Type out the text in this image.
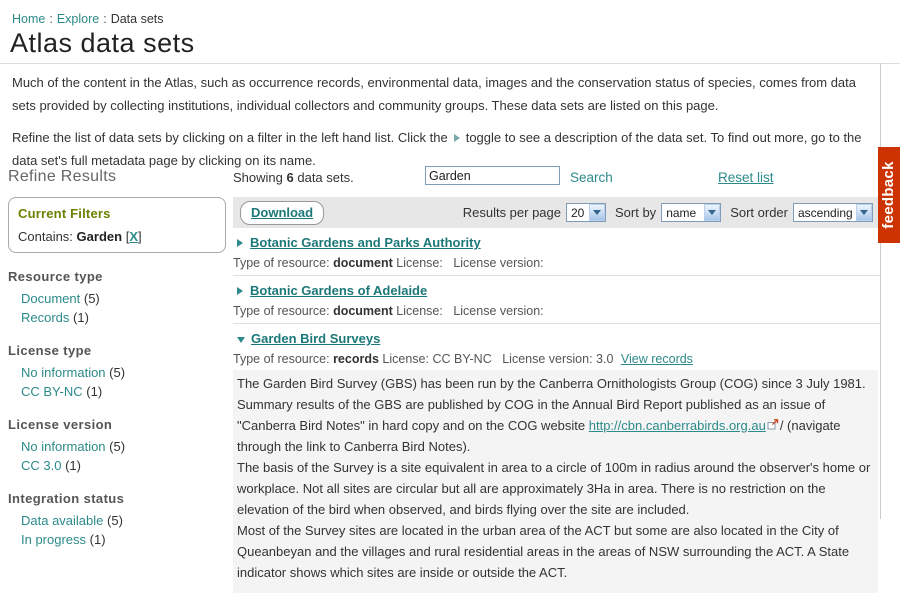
Home : Explore : Data sets
Atlas data sets

Much of the content in the Atlas, such as occurrence records, environmental data, images and the conservation status of species, comes from data sets provided by collecting institutions, individual collectors and community groups. These data sets are listed on this page.

Refine the list of data sets by clicking on a filter in the left hand list. Click the toggle to see a description of the data set. To find out more, go to the data set's full metadata page by clicking on its name.

Refine Results
Current Filters
Contains: Garden [X]
Resource type
Document (5)
Records (1)
License type
No information (5)
CC BY-NC (1)
License version
No information (5)
CC 3.0 (1)
Integration status
Data available (5)
In progress (1)
Showing 6 data sets.
Garden	Search	Reset list
Download	Results per page 20	Sort by name	Sort order ascending
Botanic Gardens and Parks Authority
Type of resource: document License: License version:
Botanic Gardens of Adelaide
Type of resource: document License: License version:
Garden Bird Surveys
Type of resource: records License: CC BY-NC License version: 3.0 View records

The Garden Bird Survey (GBS) has been run by the Canberra Ornithologists Group (COG) since 3 July 1981. Summary results of the GBS are published by COG in the Annual Bird Report published as an issue of "Canberra Bird Notes" in hard copy and on the COG website http://cbn.canberrabirds.org.au / (navigate through the link to Canberra Bird Notes).

The basis of the Survey is a site equivalent in area to a circle of 100m in radius around the observer's home or workplace. Not all sites are circular but all are approximately 3Ha in area. There is no restriction on the elevation of the bird when observed, and birds flying over the site are included.

Most of the Survey sites are located in the urban area of the ACT but some are also located in the City of Queanbeyan and the villages and rural residential areas in the areas of NSW surrounding the ACT. A State indicator shows which sites are inside or outside the ACT.

feedback
